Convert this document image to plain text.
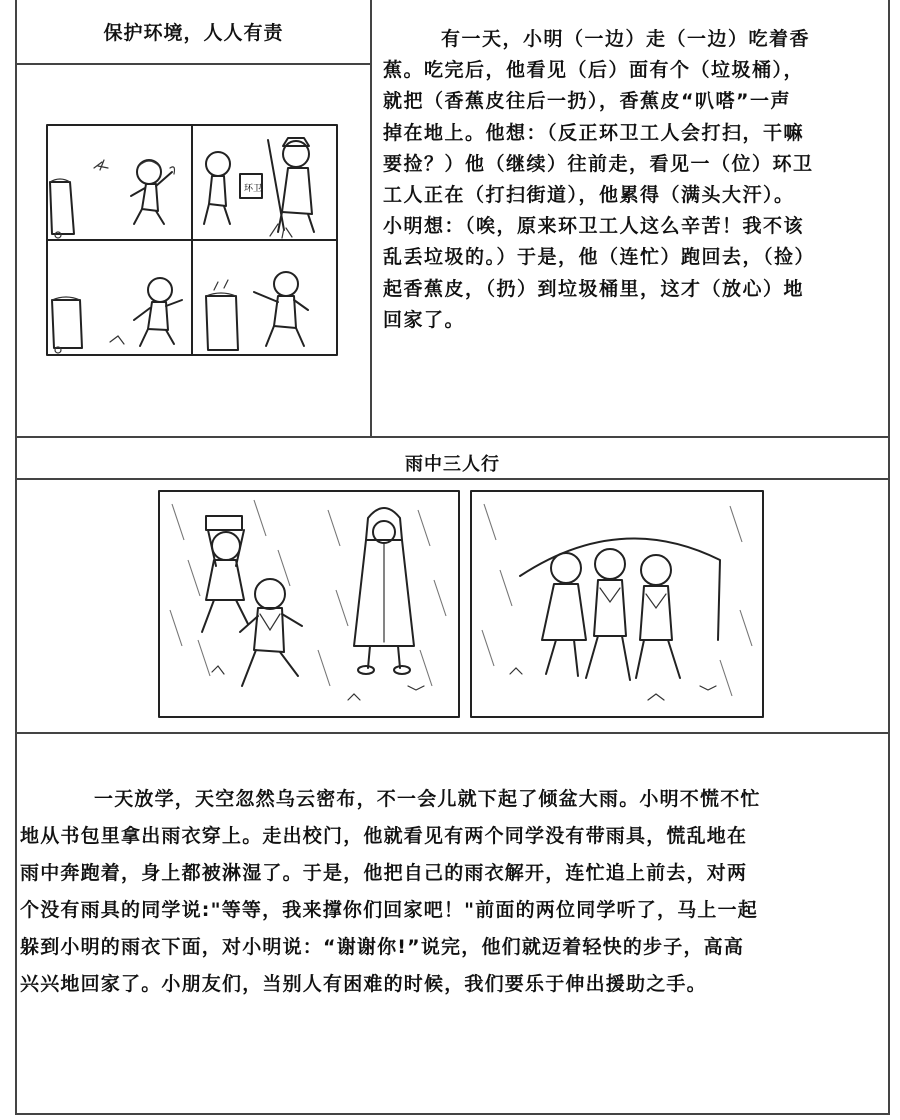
保护环境，人人有责
环卫
有一天，小明（一边）走（一边）吃着香
蕉。吃完后，他看见（后）面有个（垃圾桶），
就把（香蕉皮往后一扔），香蕉皮“叭嗒”一声
掉在地上。他想：（反正环卫工人会打扫，干嘛
要捡？）他（继续）往前走，看见一（位）环卫
工人正在（打扫街道），他累得（满头大汗）。
小明想：（唉，原来环卫工人这么辛苦！我不该
乱丢垃圾的。）于是，他（连忙）跑回去，（捡）
起香蕉皮，（扔）到垃圾桶里，这才（放心）地
回家了。
雨中三人行
一天放学，天空忽然乌云密布，不一会儿就下起了倾盆大雨。小明不慌不忙
地从书包里拿出雨衣穿上。走出校门，他就看见有两个同学没有带雨具，慌乱地在
雨中奔跑着，身上都被淋湿了。于是，他把自己的雨衣解开，连忙追上前去，对两
个没有雨具的同学说:"等等，我来撑你们回家吧！"前面的两位同学听了，马上一起
躲到小明的雨衣下面，对小明说：“谢谢你!”说完，他们就迈着轻快的步子，高高
兴兴地回家了。小朋友们，当别人有困难的时候，我们要乐于伸出援助之手。
